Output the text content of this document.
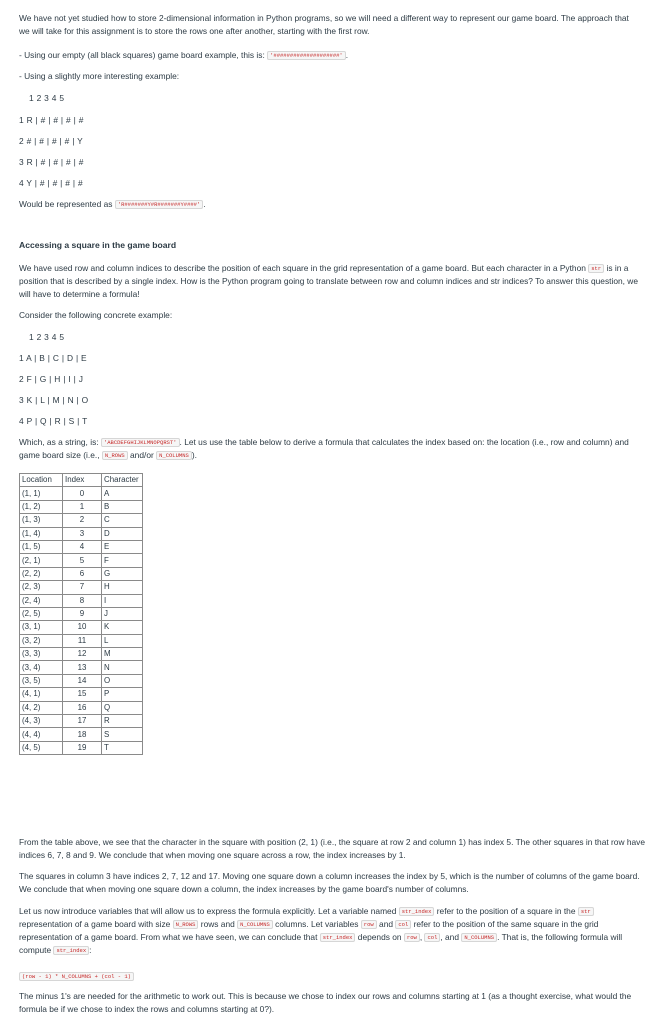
We have not yet studied how to store 2-dimensional information in Python programs, so we will need a different way to represent our game board. The approach that we will take for this assignment is to store the rows one after another, starting with the first row.

- Using our empty (all black squares) game board example, this is: '####################' .

- Using a slightly more interesting example:

1 2 3 4 5

1 R | # | # | # | #

2 # | # | # | # | Y

3 R | # | # | # | #

4 Y | # | # | # | #

Would be represented as 'R#######Y#R#######Y####' .

Accessing a square in the game board

We have used row and column indices to describe the position of each square in the grid representation of a game board. But each character in a Python str is in a position that is described by a single index. How is the Python program going to translate between row and column indices and str indices? To answer this question, we will have to determine a formula!

Consider the following concrete example:

1 2 3 4 5

1 A | B | C | D | E

2 F | G | H | I | J

3 K | L | M | N | O

4 P | Q | R | S | T

Which, as a string, is: 'ABCDEFGHIJKLMNOPQRST' . Let us use the table below to derive a formula that calculates the index based on: the location (i.e., row and column) and game board size (i.e., N_ROWS and/or N_COLUMNS ).

Location	Index	Character
(1, 1)	0	A
(1, 2)	1	B
(1, 3)	2	C
(1, 4)	3	D
(1, 5)	4	E
(2, 1)	5	F
(2, 2)	6	G
(2, 3)	7	H
(2, 4)	8	I
(2, 5)	9	J
(3, 1)	10	K
(3, 2)	11	L
(3, 3)	12	M
(3, 4)	13	N
(3, 5)	14	O
(4, 1)	15	P
(4, 2)	16	Q
(4, 3)	17	R
(4, 4)	18	S
(4, 5)	19	T

From the table above, we see that the character in the square with position (2, 1) (i.e., the square at row 2 and column 1) has index 5. The other squares in that row have indices 6, 7, 8 and 9. We conclude that when moving one square across a row, the index increases by 1.

The squares in column 3 have indices 2, 7, 12 and 17. Moving one square down a column increases the index by 5, which is the number of columns of the game board. We conclude that when moving one square down a column, the index increases by the game board's number of columns.

Let us now introduce variables that will allow us to express the formula explicitly. Let a variable named str_index refer to the position of a square in the str representation of a game board with size N_ROWS rows and N_COLUMNS columns. Let variables row and col refer to the position of the same square in the grid representation of a game board. From what we have seen, we can conclude that str_index depends on row , col , and N_COLUMNS . That is, the following formula will compute str_index :

(row - 1) * N_COLUMNS + (col - 1)

The minus 1's are needed for the arithmetic to work out. This is because we chose to index our rows and columns starting at 1 (as a thought exercise, what would the formula be if we chose to index the rows and columns starting at 0?).
